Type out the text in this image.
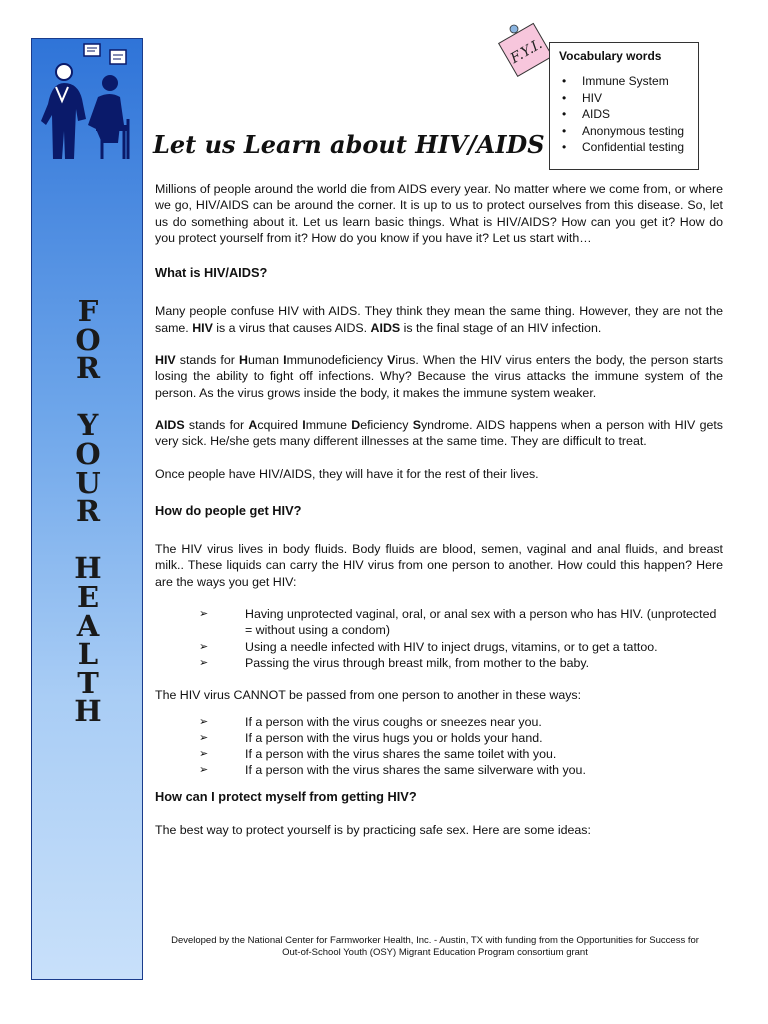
F
O
R
Y
O
U
R
H
E
A
L
T
H
F.Y.I. Vocabulary words
• Immune System
• HIV
• AIDS
• Anonymous testing
• Confidential testing
Let us Learn about HIV/AIDS

Millions of people around the world die from AIDS every year. No matter where we come from, or where we go, HIV/AIDS can be around the corner. It is up to us to protect ourselves from this disease. So, let us do something about it. Let us learn basic things. What is HIV/AIDS? How can you get it? How do you protect yourself from it? How do you know if you have it? Let us start with…

What is HIV/AIDS?

Many people confuse HIV with AIDS. They think they mean the same thing. However, they are not the same. HIV is a virus that causes AIDS. AIDS is the final stage of an HIV infection.

HIV stands for Human Immunodeficiency Virus. When the HIV virus enters the body, the person starts losing the ability to fight off infections. Why? Because the virus attacks the immune system of the person. As the virus grows inside the body, it makes the immune system weaker.

AIDS stands for Acquired Immune Deficiency Syndrome. AIDS happens when a person with HIV gets very sick. He/she gets many different illnesses at the same time. They are difficult to treat.

Once people have HIV/AIDS, they will have it for the rest of their lives.

How do people get HIV?

The HIV virus lives in body fluids. Body fluids are blood, semen, vaginal and anal fluids, and breast milk.. These liquids can carry the HIV virus from one person to another. How could this happen? Here are the ways you get HIV:

➢ Having unprotected vaginal, oral, or anal sex with a person who has HIV. (unprotected = without using a condom)
➢ Using a needle infected with HIV to inject drugs, vitamins, or to get a tattoo.
➢ Passing the virus through breast milk, from mother to the baby.

The HIV virus CANNOT be passed from one person to another in these ways:

➢ If a person with the virus coughs or sneezes near you.
➢ If a person with the virus hugs you or holds your hand.
➢ If a person with the virus shares the same toilet with you.
➢ If a person with the virus shares the same silverware with you.
How can I protect myself from getting HIV?

The best way to protect yourself is by practicing safe sex. Here are some ideas:

Developed by the National Center for Farmworker Health, Inc. - Austin, TX with funding from the Opportunities for Success for
Out-of-School Youth (OSY) Migrant Education Program consortium grant
